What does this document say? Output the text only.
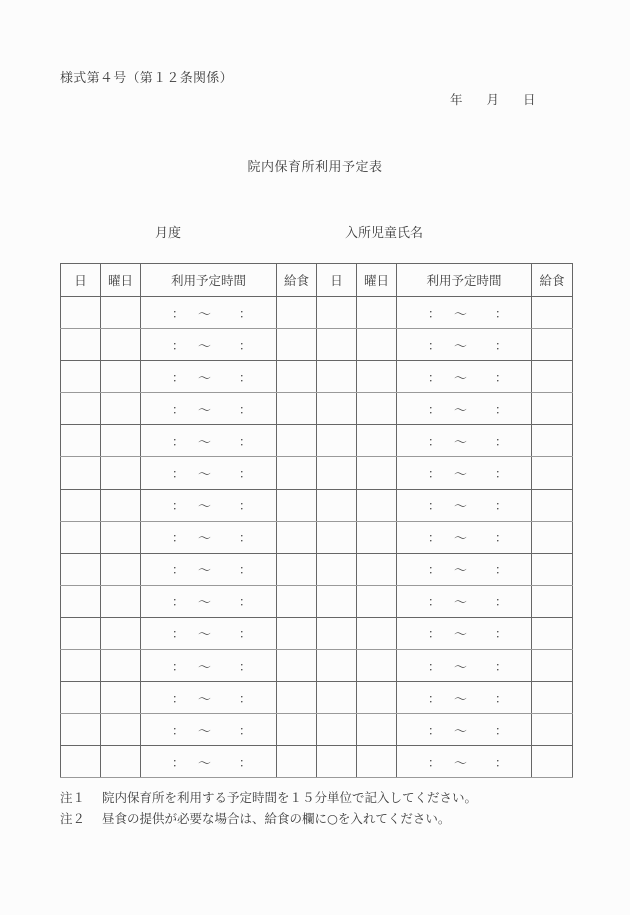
様式第４号（第１２条関係）
年 月 日
院内保育所利用予定表
月度	入所児童氏名
日	曜日	利用予定時間	給食	日	曜日	利用予定時間	給食

		： ～ ：				： ～ ：	

		： ～ ：				： ～ ：	

		： ～ ：				： ～ ：	

		： ～ ：				： ～ ：	

		： ～ ：				： ～ ：	

		： ～ ：				： ～ ：	

		： ～ ：				： ～ ：	

		： ～ ：				： ～ ：	

		： ～ ：				： ～ ：	

		： ～ ：				： ～ ：	

		： ～ ：				： ～ ：	

		： ～ ：				： ～ ：	

		： ～ ：				： ～ ：	

		： ～ ：				： ～ ：	

		： ～ ：				： ～ ：	

注１ 院内保育所を利用する予定時間を１５分単位で記入してください。
注２ 昼食の提供が必要な場合は、給食の欄に○を入れてください。
